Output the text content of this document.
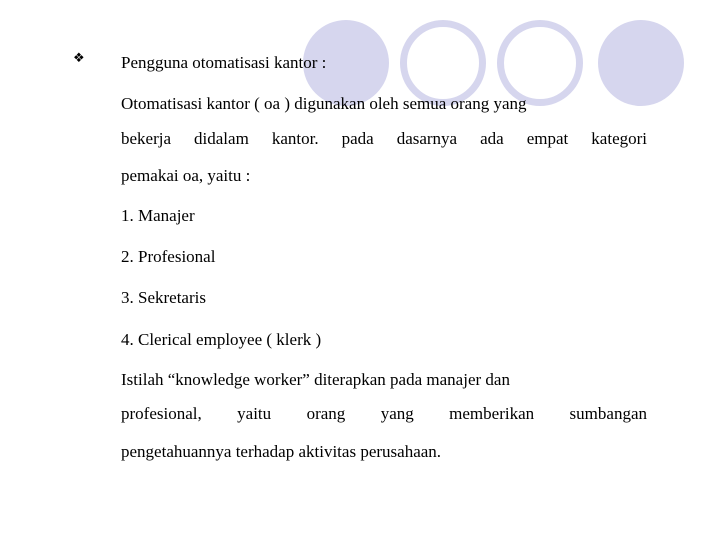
❖ Pengguna otomatisasi kantor :
Otomatisasi kantor ( oa ) digunakan oleh semua orang yang
bekerja didalam kantor. pada dasarnya ada empat kategori
pemakai oa, yaitu :
1. Manajer
2. Profesional
3. Sekretaris
4. Clerical employee ( klerk )
Istilah “knowledge worker” diterapkan pada manajer dan
profesional, yaitu orang yang memberikan sumbangan
pengetahuannya terhadap aktivitas perusahaan.
